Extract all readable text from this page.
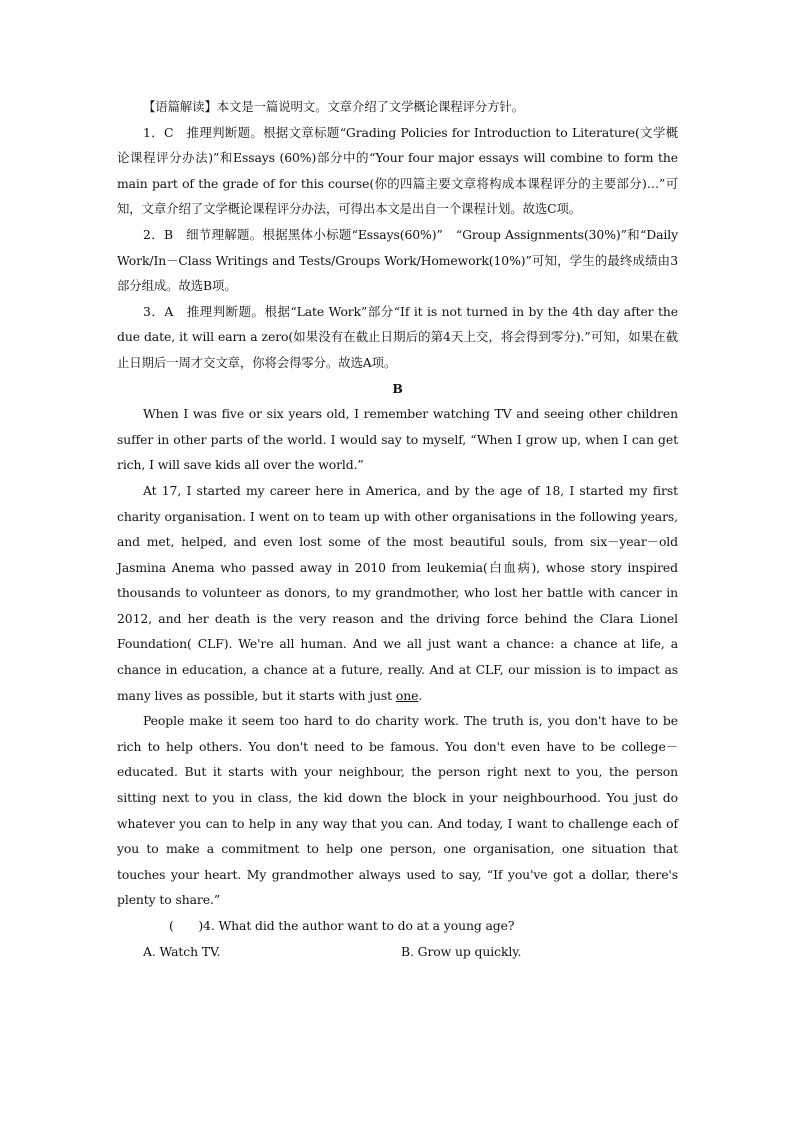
【语篇解读】本文是一篇说明文。文章介绍了文学概论课程评分方针。

1．C　推理判断题。根据文章标题“Grading Policies for Introduction to Literature(文学概论课程评分办法)”和Essays (60%)部分中的“Your four major essays will combine to form the main part of the grade of for this course(你的四篇主要文章将构成本课程评分的主要部分)…”可知，文章介绍了文学概论课程评分办法，可得出本文是出自一个课程计划。故选C项。

2．B　细节理解题。根据黑体小标题“Essays(60%)”　“Group Assignments(30%)”和“Daily Work/In－Class Writings and Tests/Groups Work/Homework(10%)”可知，学生的最终成绩由3部分组成。故选B项。

3．A　推理判断题。根据“Late Work”部分“If it is not turned in by the 4th day after the due date, it will earn a zero(如果没有在截止日期后的第4天上交，将会得到零分).”可知，如果在截止日期后一周才交文章，你将会得零分。故选A项。

B

When I was five or six years old, I remember watching TV and seeing other children suffer in other parts of the world. I would say to myself, “When I grow up, when I can get rich, I will save kids all over the world.”

At 17, I started my career here in America, and by the age of 18, I started my first charity organisation. I went on to team up with other organisations in the following years, and met, helped, and even lost some of the most beautiful souls, from six－year－old Jasmina Anema who passed away in 2010 from leukemia(白血病), whose story inspired thousands to volunteer as donors, to my grandmother, who lost her battle with cancer in 2012, and her death is the very reason and the driving force behind the Clara Lionel Foundation( CLF). We're all human. And we all just want a chance: a chance at life, a chance in education, a chance at a future, really. And at CLF, our mission is to impact as many lives as possible, but it starts with just one.

People make it seem too hard to do charity work. The truth is, you don't have to be rich to help others. You don't need to be famous. You don't even have to be college－educated. But it starts with your neighbour, the person right next to you, the person sitting next to you in class, the kid down the block in your neighbourhood. You just do whatever you can to help in any way that you can. And today, I want to challenge each of you to make a commitment to help one person, one organisation, one situation that touches your heart. My grandmother always used to say, “If you've got a dollar, there's plenty to share.”

(　　)4. What did the author want to do at a young age?

A. Watch TV.	B. Grow up quickly.
